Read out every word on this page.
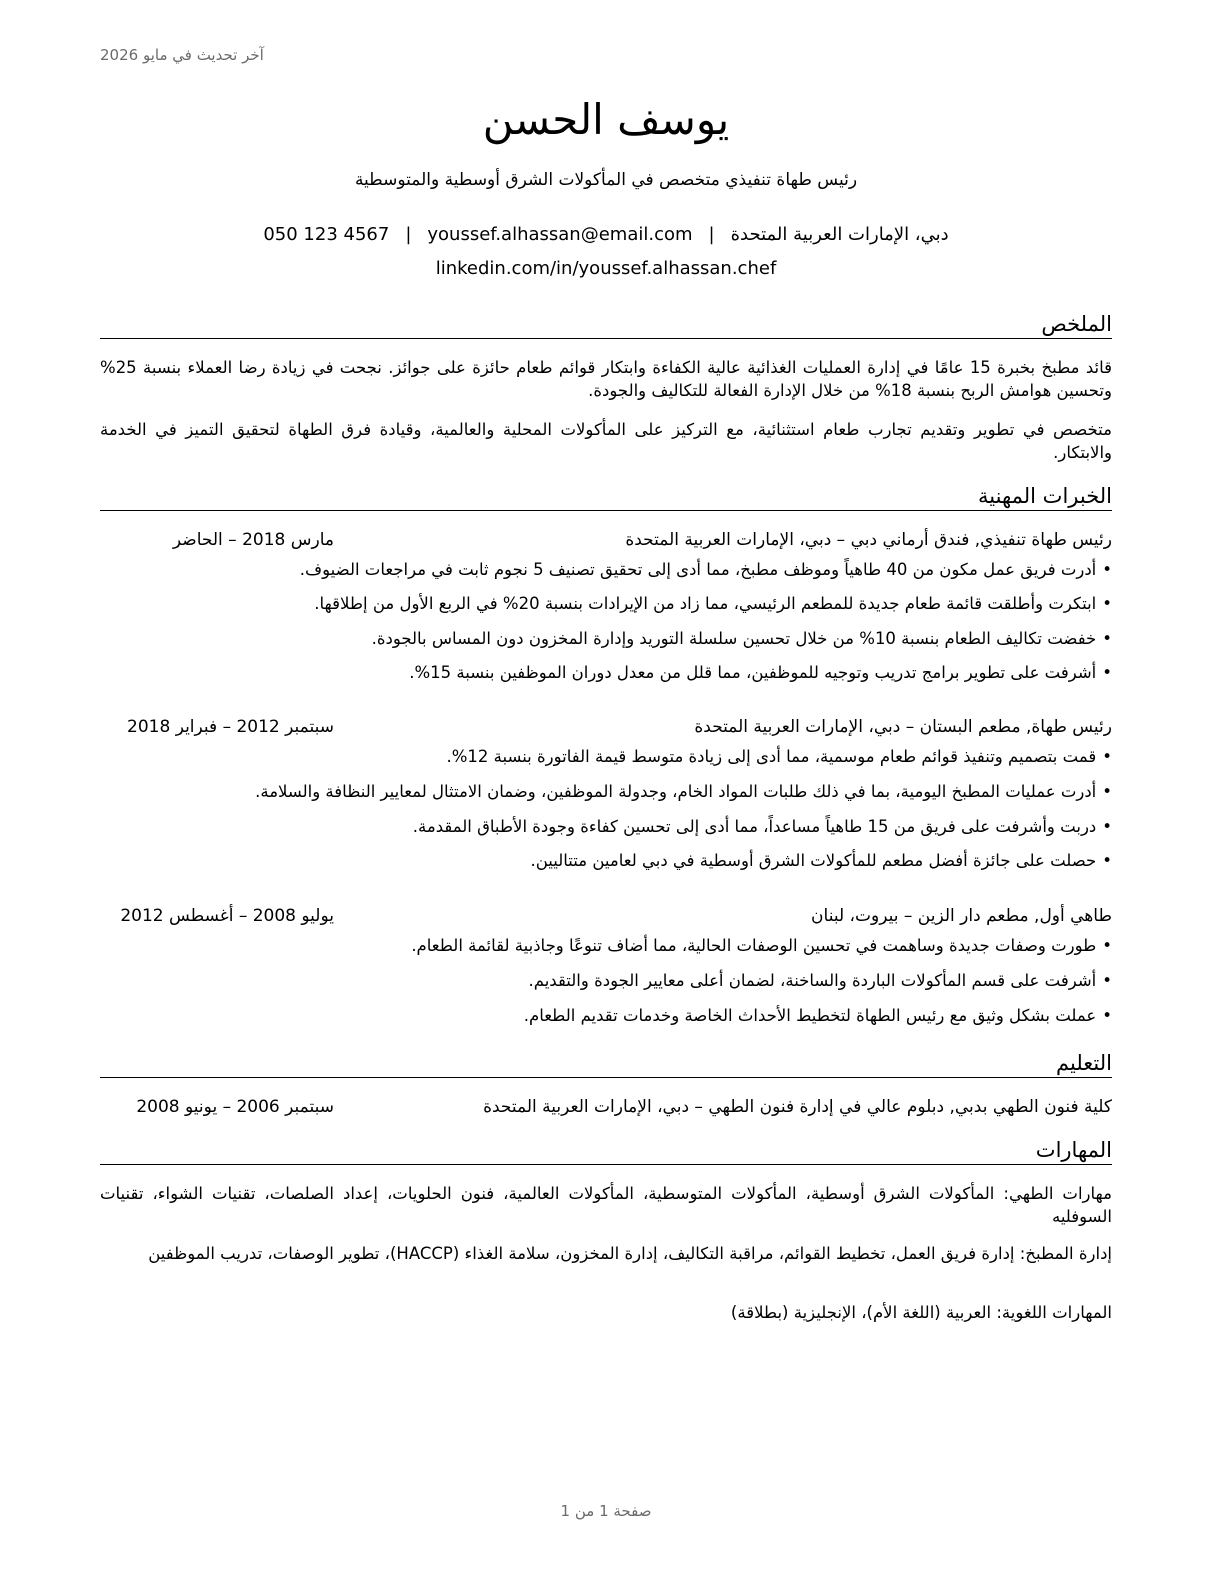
آخر تحديث في مايو 2026
يوسف الحسن
رئيس طهاة تنفيذي متخصص في المأكولات الشرق أوسطية والمتوسطية
دبي، الإمارات العربية المتحدة|youssef.alhassan@email.com|050 123 4567
linkedin.com/in/youssef.alhassan.chef
الملخص
قائد مطبخ بخبرة 15 عامًا في إدارة العمليات الغذائية عالية الكفاءة وابتكار قوائم طعام حائزة على جوائز. نجحت في زيادة رضا العملاء بنسبة 25% وتحسين هوامش الربح بنسبة 18% من خلال الإدارة الفعالة للتكاليف والجودة.
متخصص في تطوير وتقديم تجارب طعام استثنائية، مع التركيز على المأكولات المحلية والعالمية، وقيادة فرق الطهاة لتحقيق التميز في الخدمة والابتكار.
الخبرات المهنية
رئيس طهاة تنفيذي, فندق أرماني دبي – دبي، الإمارات العربية المتحدة
مارس 2018 – الحاضر
•أدرت فريق عمل مكون من 40 طاهياً وموظف مطبخ، مما أدى إلى تحقيق تصنيف 5 نجوم ثابت في مراجعات الضيوف.
•ابتكرت وأطلقت قائمة طعام جديدة للمطعم الرئيسي، مما زاد من الإيرادات بنسبة 20% في الربع الأول من إطلاقها.
•خفضت تكاليف الطعام بنسبة 10% من خلال تحسين سلسلة التوريد وإدارة المخزون دون المساس بالجودة.
•أشرفت على تطوير برامج تدريب وتوجيه للموظفين، مما قلل من معدل دوران الموظفين بنسبة 15%.
رئيس طهاة, مطعم البستان – دبي، الإمارات العربية المتحدة
سبتمبر 2012 – فبراير 2018
•قمت بتصميم وتنفيذ قوائم طعام موسمية، مما أدى إلى زيادة متوسط قيمة الفاتورة بنسبة 12%.
•أدرت عمليات المطبخ اليومية، بما في ذلك طلبات المواد الخام، وجدولة الموظفين، وضمان الامتثال لمعايير النظافة والسلامة.
•دربت وأشرفت على فريق من 15 طاهياً مساعداً، مما أدى إلى تحسين كفاءة وجودة الأطباق المقدمة.
•حصلت على جائزة أفضل مطعم للمأكولات الشرق أوسطية في دبي لعامين متتاليين.
طاهي أول, مطعم دار الزين – بيروت، لبنان
يوليو 2008 – أغسطس 2012
•طورت وصفات جديدة وساهمت في تحسين الوصفات الحالية، مما أضاف تنوعًا وجاذبية لقائمة الطعام.
•أشرفت على قسم المأكولات الباردة والساخنة، لضمان أعلى معايير الجودة والتقديم.
•عملت بشكل وثيق مع رئيس الطهاة لتخطيط الأحداث الخاصة وخدمات تقديم الطعام.
التعليم
كلية فنون الطهي بدبي, دبلوم عالي في إدارة فنون الطهي – دبي، الإمارات العربية المتحدة
سبتمبر 2006 – يونيو 2008
المهارات
مهارات الطهي: المأكولات الشرق أوسطية، المأكولات المتوسطية، المأكولات العالمية، فنون الحلويات، إعداد الصلصات، تقنيات الشواء، تقنيات السوفليه
إدارة المطبخ: إدارة فريق العمل، تخطيط القوائم، مراقبة التكاليف، إدارة المخزون، سلامة الغذاء (HACCP)، تطوير الوصفات، تدريب الموظفين
المهارات اللغوية: العربية (اللغة الأم)، الإنجليزية (بطلاقة)
صفحة 1 من 1
